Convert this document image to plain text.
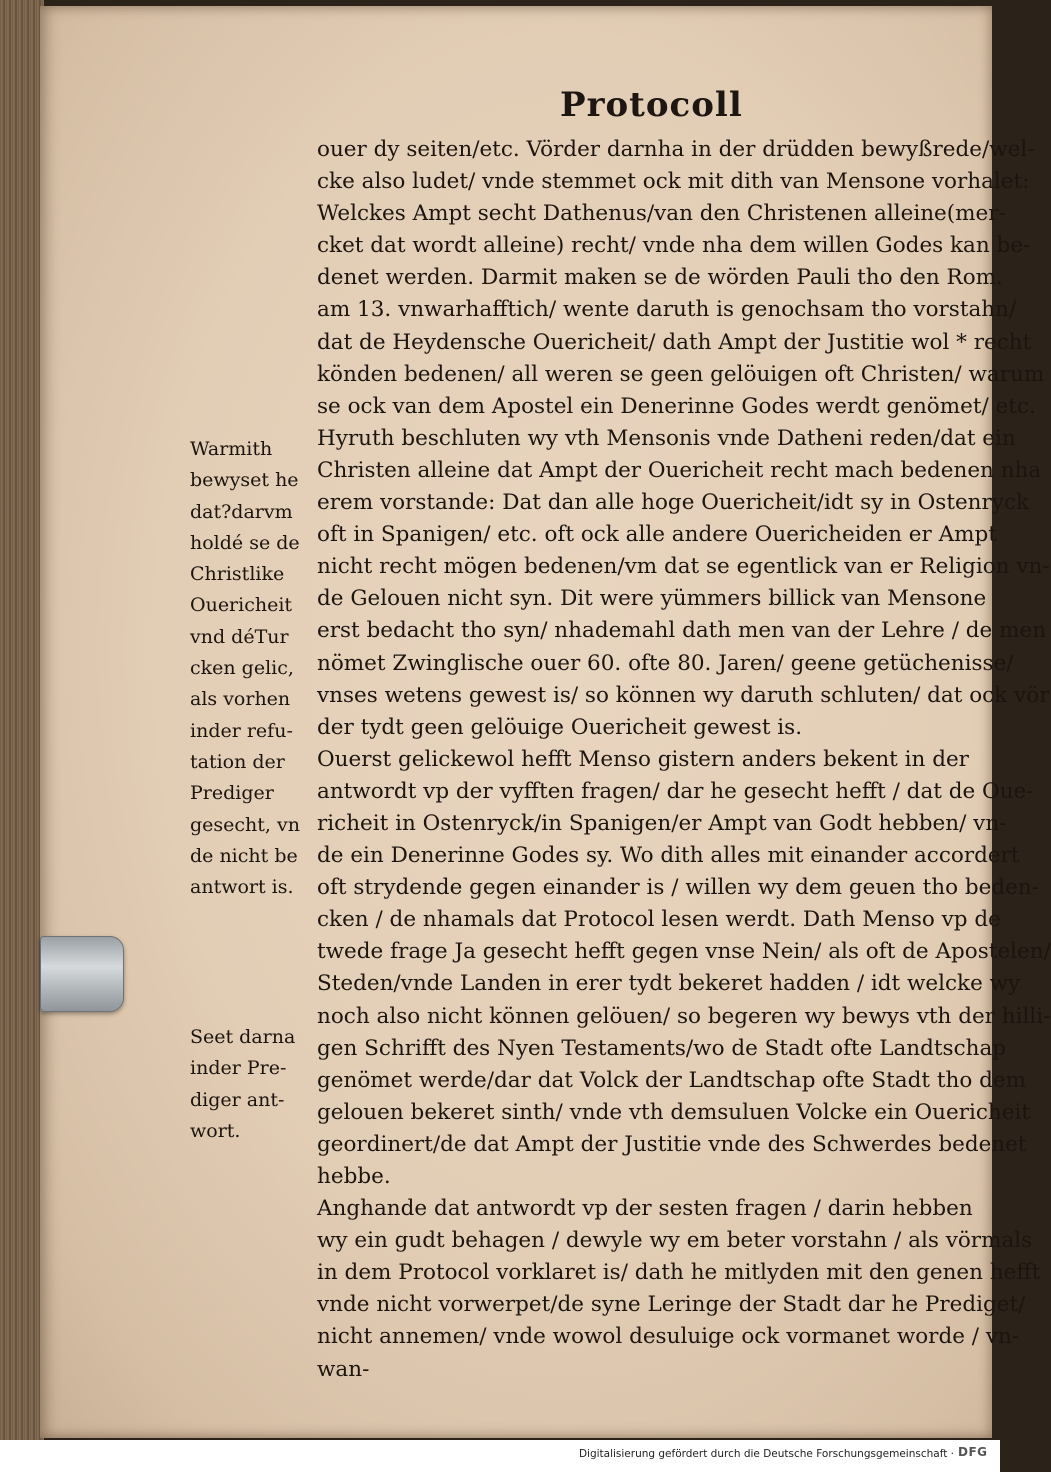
Protocoll
ouer dy seiten/etc. Vörder darnha in der drüdden bewyßrede/wel-
cke also ludet/ vnde stemmet ock mit dith van Mensone vorhalet:
Welckes Ampt secht Dathenus/van den Christenen alleine(mer-
cket dat wordt alleine) recht/ vnde nha dem willen Godes kan be-
denet werden. Darmit maken se de wörden Pauli tho den Rom.
am 13. vnwarhafftich/ wente daruth is genochsam tho vorstahn/
dat de Heydensche Ouericheit/ dath Ampt der Justitie wol * recht
könden bedenen/ all weren se geen gelöuigen oft Christen/ warum
se ock van dem Apostel ein Denerinne Godes werdt genömet/ etc.
Hyruth beschluten wy vth Mensonis vnde Datheni reden/dat ein
Christen alleine dat Ampt der Ouericheit recht mach bedenen nha
erem vorstande: Dat dan alle hoge Ouericheit/idt sy in Ostenryck
oft in Spanigen/ etc. oft ock alle andere Ouericheiden er Ampt
nicht recht mögen bedenen/vm dat se egentlick van er Religion vn-
de Gelouen nicht syn. Dit were yümmers billick van Mensone
erst bedacht tho syn/ nhademahl dath men van der Lehre / de men
nömet Zwinglische ouer 60. ofte 80. Jaren/ geene getüchenisse/
vnses wetens gewest is/ so können wy daruth schluten/ dat ock vör
der tydt geen gelöuige Ouericheit gewest is.
Ouerst gelickewol hefft Menso gistern anders bekent in der
antwordt vp der vyfften fragen/ dar he gesecht hefft / dat de Oue-
richeit in Ostenryck/in Spanigen/er Ampt van Godt hebben/ vn-
de ein Denerinne Godes sy. Wo dith alles mit einander accordert
oft strydende gegen einander is / willen wy dem geuen tho beden-
cken / de nhamals dat Protocol lesen werdt. Dath Menso vp de
twede frage Ja gesecht hefft gegen vnse Nein/ als oft de Apostelen/
Steden/vnde Landen in erer tydt bekeret hadden / idt welcke wy
noch also nicht können gelöuen/ so begeren wy bewys vth der hilli-
gen Schrifft des Nyen Testaments/wo de Stadt ofte Landtschap
genömet werde/dar dat Volck der Landtschap ofte Stadt tho dem
gelouen bekeret sinth/ vnde vth demsuluen Volcke ein Ouericheit
geordinert/de dat Ampt der Justitie vnde des Schwerdes bedenet
hebbe.
Anghande dat antwordt vp der sesten fragen / darin hebben
wy ein gudt behagen / dewyle wy em beter vorstahn / als vörmals
in dem Protocol vorklaret is/ dath he mitlyden mit den genen hefft
vnde nicht vorwerpet/de syne Leringe der Stadt dar he Prediget/
nicht annemen/ vnde wowol desuluige ock vormanet worde / vn-
wan-
Warmith
bewyset he
dat?darvm
holdé se de
Christlike
Ouericheit
vnd déTur
cken gelic,
als vorhen
inder refu-
tation der
Prediger
gesecht, vn
de nicht be
antwort is.
Seet darna
inder Pre-
diger ant-
wort.
Digitalisierung gefördert durch die Deutsche Forschungsgemeinschaft · DFG
